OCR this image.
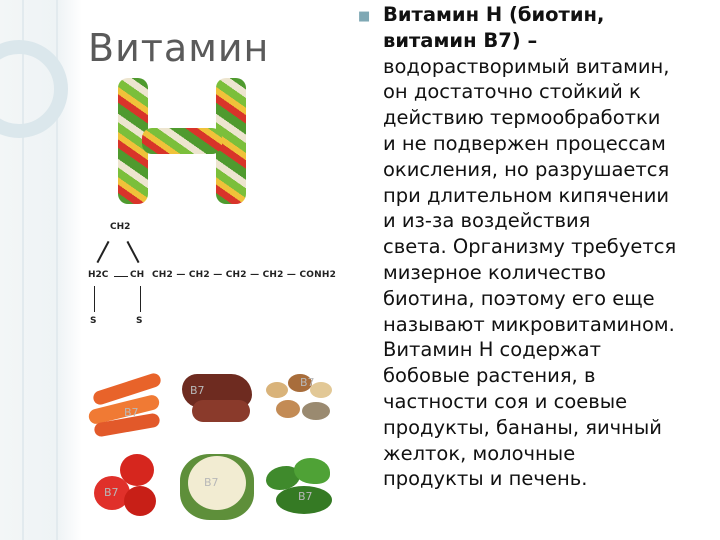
Витамин
CH2
H2C CH CH2 — CH2 — CH2 — CH2 — CONH2
S	S
B7
B7
B7
B7
B7
B7
■ Витамин Н (биотин,
витамин В7) –
водорастворимый витамин,
он достаточно стойкий к
действию термообработки
и не подвержен процессам
окисления, но разрушается
при длительном кипячении
и из-за воздействия
света. Организму требуется
мизерное количество
биотина, поэтому его еще
называют микровитамином.
Витамин Н содержат
бобовые растения, в
частности соя и соевые
продукты, бананы, яичный
желток, молочные
продукты и печень.
